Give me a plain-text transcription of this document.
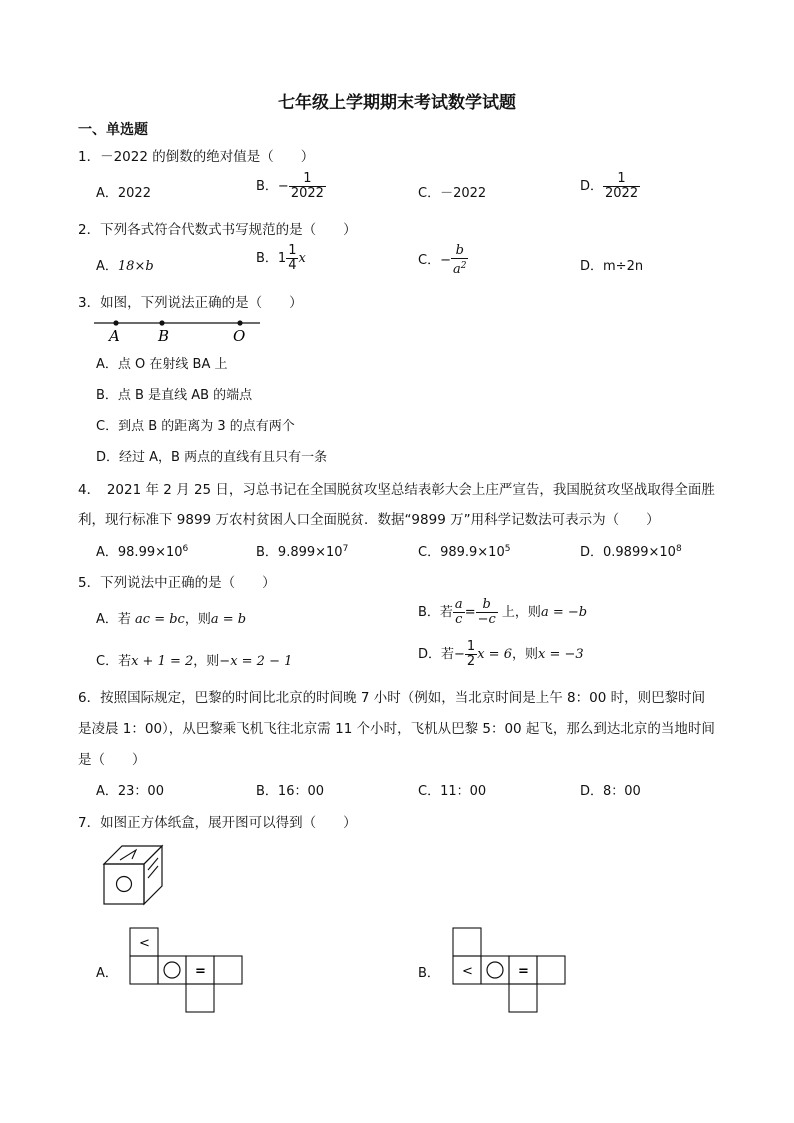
七年级上学期期末考试数学试题
一、单选题
1．－2022 的倒数的绝对值是（　　）
A．2022	B．− $\frac{1}{2022}$	C．－2022	D． $\frac{1}{2022}$
2．下列各式符合代数式书写规范的是（　　）
A．18×b
B．$1 \frac{1}{4}$ x	C．− $\frac{b}{a^2}$	D．m÷2n
3．如图，下列说法正确的是（　　）
A	B	O
A．点 O 在射线 BA 上
B．点 B 是直线 AB 的端点
C．到点 B 的距离为 3 的点有两个
D．经过 A，B 两点的直线有且只有一条
4．　2021 年 2 月 25 日，习总书记在全国脱贫攻坚总结表彰大会上庄严宣告，我国脱贫攻坚战取得全面胜
利，现行标准下 9899 万农村贫困人口全面脱贫．数据“9899 万”用科学记数法可表示为（　　）
A．$98.99\times 10^6$	B．$9.899\times 10^7$	C．$989.9\times 10^5$	D．$0.9899\times 10^8$
5．下列说法中正确的是（　　）
A．若 ac = bc，则a = b	B．若 $\frac{a}{c} = \frac{b}{-c}$ 上，则a = −b
C．若x + 1 = 2，则−x = 2 − 1	D．若− $\frac{1}{2}$ x = 6，则x = −3
6．按照国际规定，巴黎的时间比北京的时间晚 7 小时（例如，当北京时间是上午 8：00 时，则巴黎时间
是凌晨 1：00），从巴黎乘飞机飞往北京需 11 个小时，飞机从巴黎 5：00 起飞，那么到达北京的当地时间
是（　　）
A．23：00	B．16：00	C．11：00	D．8：00
7．如图正方体纸盒，展开图可以得到（　　）
A．
<
=	B． <	=
